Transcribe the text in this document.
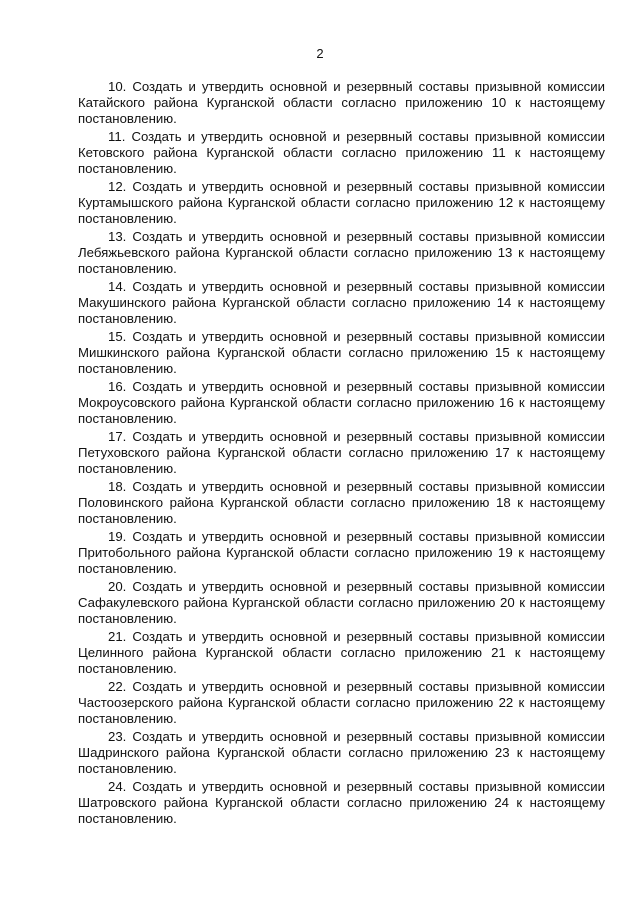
2

10. Создать и утвердить основной и резервный составы призывной комиссии Катайского района Курганской области согласно приложению 10 к настоящему постановлению.

11. Создать и утвердить основной и резервный составы призывной комиссии Кетовского района Курганской области согласно приложению 11 к настоящему постановлению.

12. Создать и утвердить основной и резервный составы призывной комиссии Куртамышского района Курганской области согласно приложению 12 к настоящему постановлению.

13. Создать и утвердить основной и резервный составы призывной комиссии Лебяжьевского района Курганской области согласно приложению 13 к настоящему постановлению.

14. Создать и утвердить основной и резервный составы призывной комиссии Макушинского района Курганской области согласно приложению 14 к настоящему постановлению.

15. Создать и утвердить основной и резервный составы призывной комиссии Мишкинского района Курганской области согласно приложению 15 к настоящему постановлению.

16. Создать и утвердить основной и резервный составы призывной комиссии Мокроусовского района Курганской области согласно приложению 16 к настоящему постановлению.

17. Создать и утвердить основной и резервный составы призывной комиссии Петуховского района Курганской области согласно приложению 17 к настоящему постановлению.

18. Создать и утвердить основной и резервный составы призывной комиссии Половинского района Курганской области согласно приложению 18 к настоящему постановлению.

19. Создать и утвердить основной и резервный составы призывной комиссии Притобольного района Курганской области согласно приложению 19 к настоящему постановлению.

20. Создать и утвердить основной и резервный составы призывной комиссии Сафакулевского района Курганской области согласно приложению 20 к настоящему постановлению.

21. Создать и утвердить основной и резервный составы призывной комиссии Целинного района Курганской области согласно приложению 21 к настоящему постановлению.

22. Создать и утвердить основной и резервный составы призывной комиссии Частоозерского района Курганской области согласно приложению 22 к настоящему постановлению.

23. Создать и утвердить основной и резервный составы призывной комиссии Шадринского района Курганской области согласно приложению 23 к настоящему постановлению.

24. Создать и утвердить основной и резервный составы призывной комиссии Шатровского района Курганской области согласно приложению 24 к настоящему постановлению.
